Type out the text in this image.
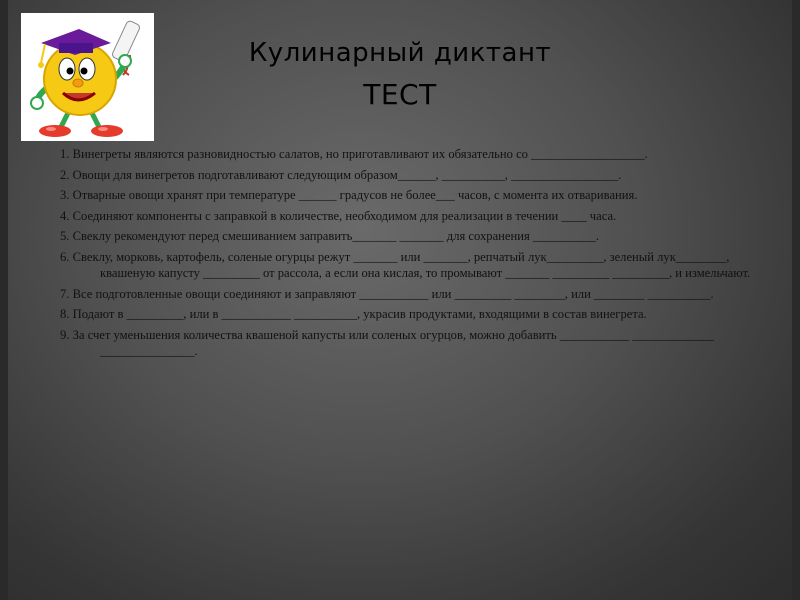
Кулинарный диктант
ТЕСТ

1. Винегреты являются разновидностью салатов, но приготавливают их обязательно со __________________.

2. Овощи для винегретов подготавливают следующим образом______, __________, _________________.

3. Отварные овощи хранят при температуре ______ градусов не более___ часов, с момента их отваривания.

4. Соединяют компоненты с заправкой в количестве, необходимом для реализации в течении ____ часа.

5. Свеклу рекомендуют перед смешиванием заправить_______ _______ для сохранения __________.

6. Свеклу, морковь, картофель, соленые огурцы режут _______ или _______, репчатый лук_________, зеленый лук________, квашеную капусту _________ от рассола, а если она кислая, то промывают _______ _________ _________, и измельчают.

7. Все подготовленные овощи соединяют и заправляют ___________ или _________ ________, или ________ __________.

8. Подают в _________, или в ___________ __________, украсив продуктами, входящими в состав винегрета.

9. За счет уменьшения количества квашеной капусты или соленых огурцов, можно добавить ___________ _____________ _______________.
